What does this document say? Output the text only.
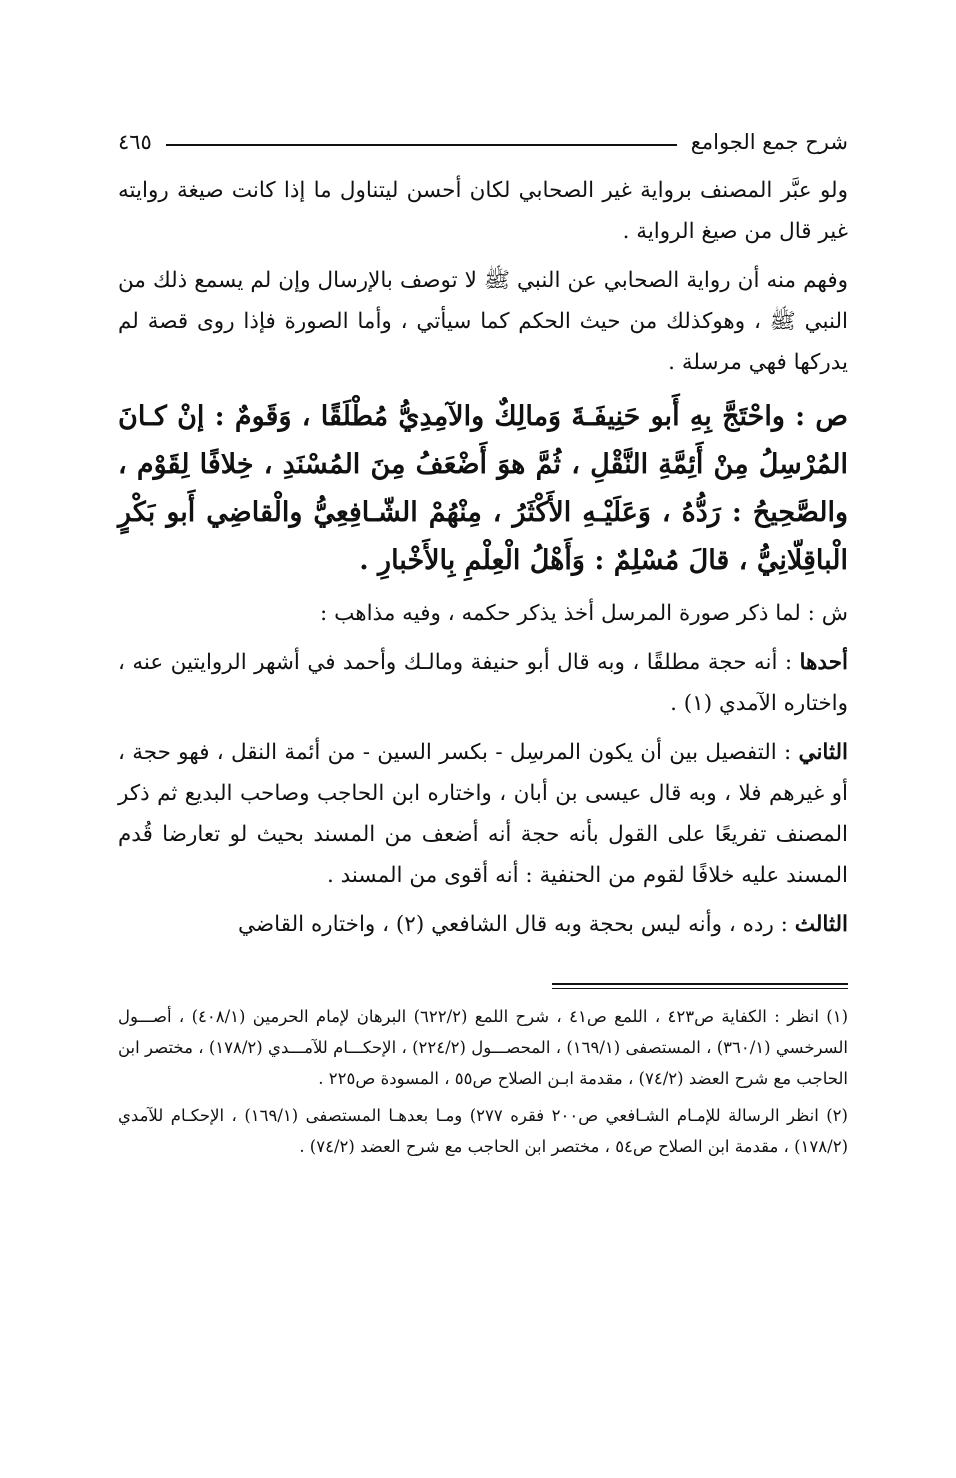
شرح جمع الجوامع
٤٦٥

ولو عبَّر المصنف برواية غير الصحابي لكان أحسن ليتناول ما إذا كانت صيغة روايته غير قال من صيغ الرواية .

وفهم منه أن رواية الصحابي عن النبي ﷺ لا توصف بالإرسال وإن لم يسمع ذلك من النبي ﷺ ، وهوكذلك من حيث الحكم كما سيأتي ، وأما الصورة فإذا روى قصة لم يدركها فهي مرسلة .

ص : واحْتَجَّ بِهِ أَبو حَنِيفَـةَ وَمالِكٌ والآمِدِيُّ مُطْلَقًا ، وَقَومٌ : إنْ كـانَ المُرْسِلُ مِنْ أَئِمَّةِ النَّقْلِ ، ثُمَّ هوَ أَضْعَفُ مِنَ المُسْنَدِ ، خِلافًا لِقَوْم ، والصَّحِيحُ : رَدُّهُ ، وَعَلَيْـهِ الأَكْثَرُ ، مِنْهُمْ الشّـافِعِيُّ والْقاضِي أَبو بَكْرٍ الْباقِلّانِيُّ ، قالَ مُسْلِمٌ : وَأَهْلُ الْعِلْمِ بِالأَخْبارِ .

ش : لما ذكر صورة المرسل أخذ يذكر حكمه ، وفيه مذاهب :

أحدها : أنه حجة مطلقًا ، وبه قال أبو حنيفة ومالـك وأحمد في أشهر الروايتين عنه ، واختاره الآمدي (١) .

الثاني : التفصيل بين أن يكون المرسِل - بكسر السين - من أئمة النقل ، فهو حجة ، أو غيرهم فلا ، وبه قال عيسى بن أبان ، واختاره ابن الحاجب وصاحب البديع ثم ذكر المصنف تفريعًا على القول بأنه حجة أنه أضعف من المسند بحيث لو تعارضا قُدم المسند عليه خلافًا لقوم من الحنفية : أنه أقوى من المسند .

الثالث : رده ، وأنه ليس بحجة وبه قال الشافعي (٢) ، واختاره القاضي

(١) انظر : الكفاية ص٤٢٣ ، اللمع ص٤١ ، شرح اللمع (٦٢٢/٢) البرهان لإمام الحرمين (٤٠٨/١) ، أصـــول السرخسي (٣٦٠/١) ، المستصفى (١٦٩/١) ، المحصـــول (٢٢٤/٢) ، الإحكـــام للآمـــدي (١٧٨/٢) ، مختصر ابن الحاجب مع شرح العضد (٧٤/٢) ، مقدمة ابـن الصلاح ص٥٥ ، المسودة ص٢٢٥ .

(٢) انظر الرسالة للإمـام الشـافعي ص٢٠٠ فقره ٢٧٧) ومـا بعدهـا المستصفى (١٦٩/١) ، الإحكـام للآمدي (١٧٨/٢) ، مقدمة ابن الصلاح ص٥٤ ، مختصر ابن الحاجب مع شرح العضد (٧٤/٢) .
